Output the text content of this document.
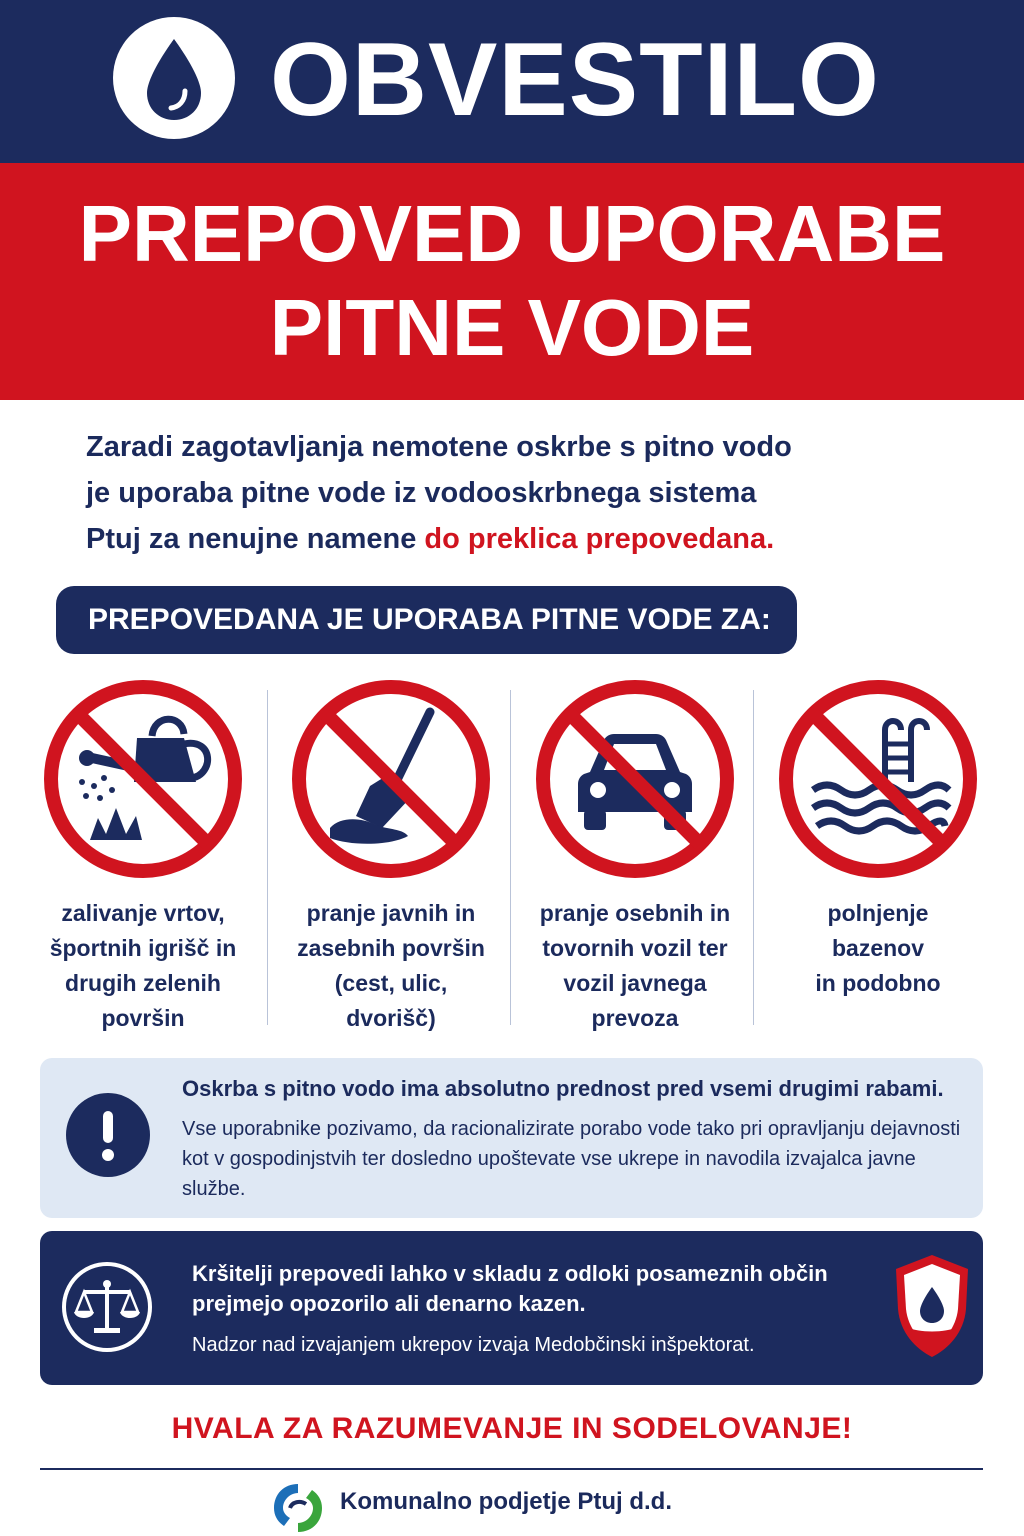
OBVESTILO
PREPOVED UPORABE
PITNE VODE
Zaradi zagotavljanja nemotene oskrbe s pitno vodo
je uporaba pitne vode iz vodooskrbnega sistema
Ptuj za nenujne namene do preklica prepovedana.
PREPOVEDANA JE UPORABA PITNE VODE ZA:
zalivanje vrtov,
športnih igrišč in
drugih zelenih
površin
pranje javnih in
zasebnih površin
(cest, ulic,
dvorišč)
pranje osebnih in
tovornih vozil ter
vozil javnega
prevoza
polnjenje
bazenov
in podobno
Oskrba s pitno vodo ima absolutno prednost pred vsemi drugimi rabami.
Vse uporabnike pozivamo, da racionalizirate porabo vode tako pri opravljanju dejavnosti kot v gospodinjstvih ter dosledno upoštevate vse ukrepe in navodila izvajalca javne službe.
Kršitelji prepovedi lahko v skladu z odloki posameznih občin prejmejo opozorilo ali denarno kazen.
Nadzor nad izvajanjem ukrepov izvaja Medobčinski inšpektorat.
HVALA ZA RAZUMEVANJE IN SODELOVANJE!
Komunalno podjetje Ptuj d.d.
